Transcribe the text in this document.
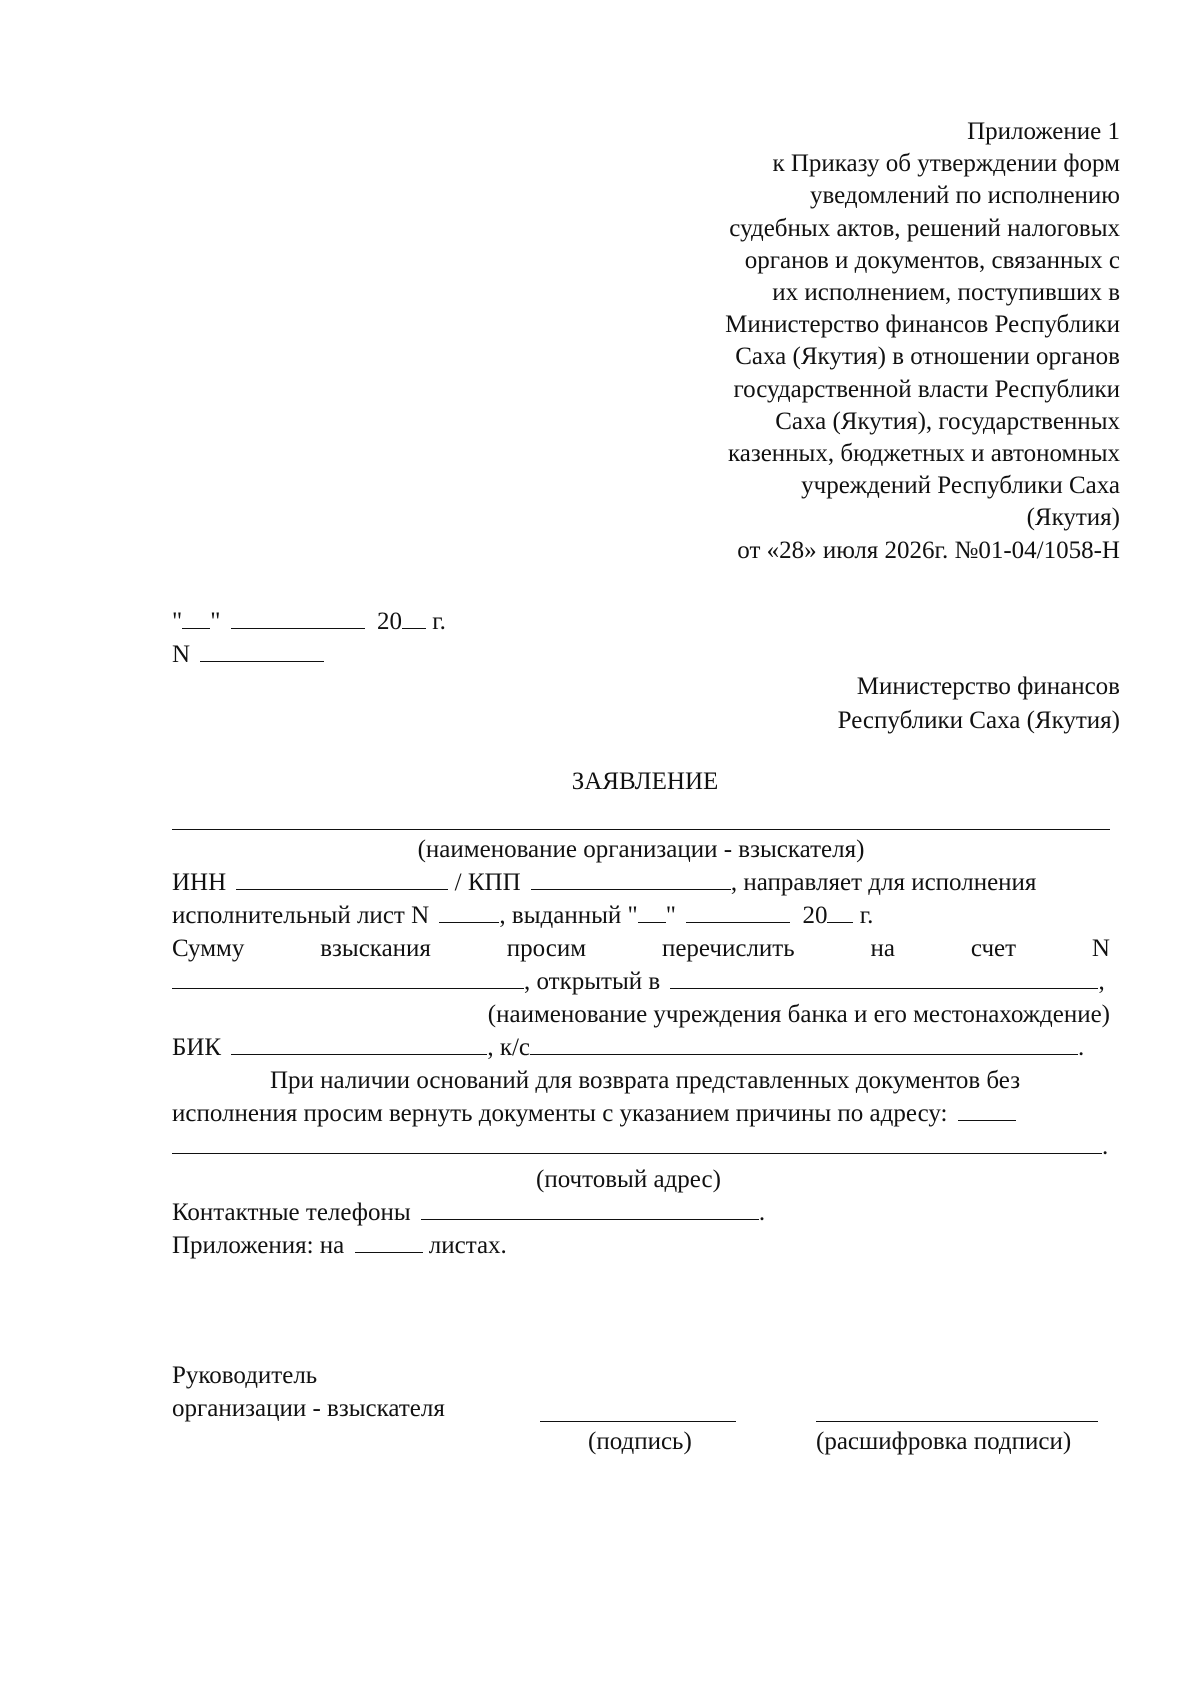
Приложение 1
к Приказу об утверждении форм
уведомлений по исполнению
судебных актов, решений налоговых
органов и документов, связанных с
их исполнением, поступивших в
Министерство финансов Республики
Саха (Якутия) в отношении органов
государственной власти Республики
Саха (Якутия), государственных
казенных, бюджетных и автономных
учреждений Республики Саха
(Якутия)
от «28» июля 2026г. №01-04/1058-Н
" "	20 г.
N
Министерство финансов
Республики Саха (Якутия)
ЗАЯВЛЕНИЕ
(наименование организации - взыскателя)
ИНН	/ КПП	, направляет для исполнения
исполнительный лист N	, выданный " "	20 г.
Сумму	взыскания	просим	перечислить	на	счет	N
, открытый в	,
(наименование учреждения банка и его местонахождение)
БИК	, к/с	.
При наличии оснований для возврата представленных документов без
исполнения просим вернуть документы с указанием причины по адресу:
.
(почтовый адрес)
Контактные телефоны	.
Приложения: на	листах.
Руководитель
организации - взыскателя
(подпись)	(расшифровка подписи)
